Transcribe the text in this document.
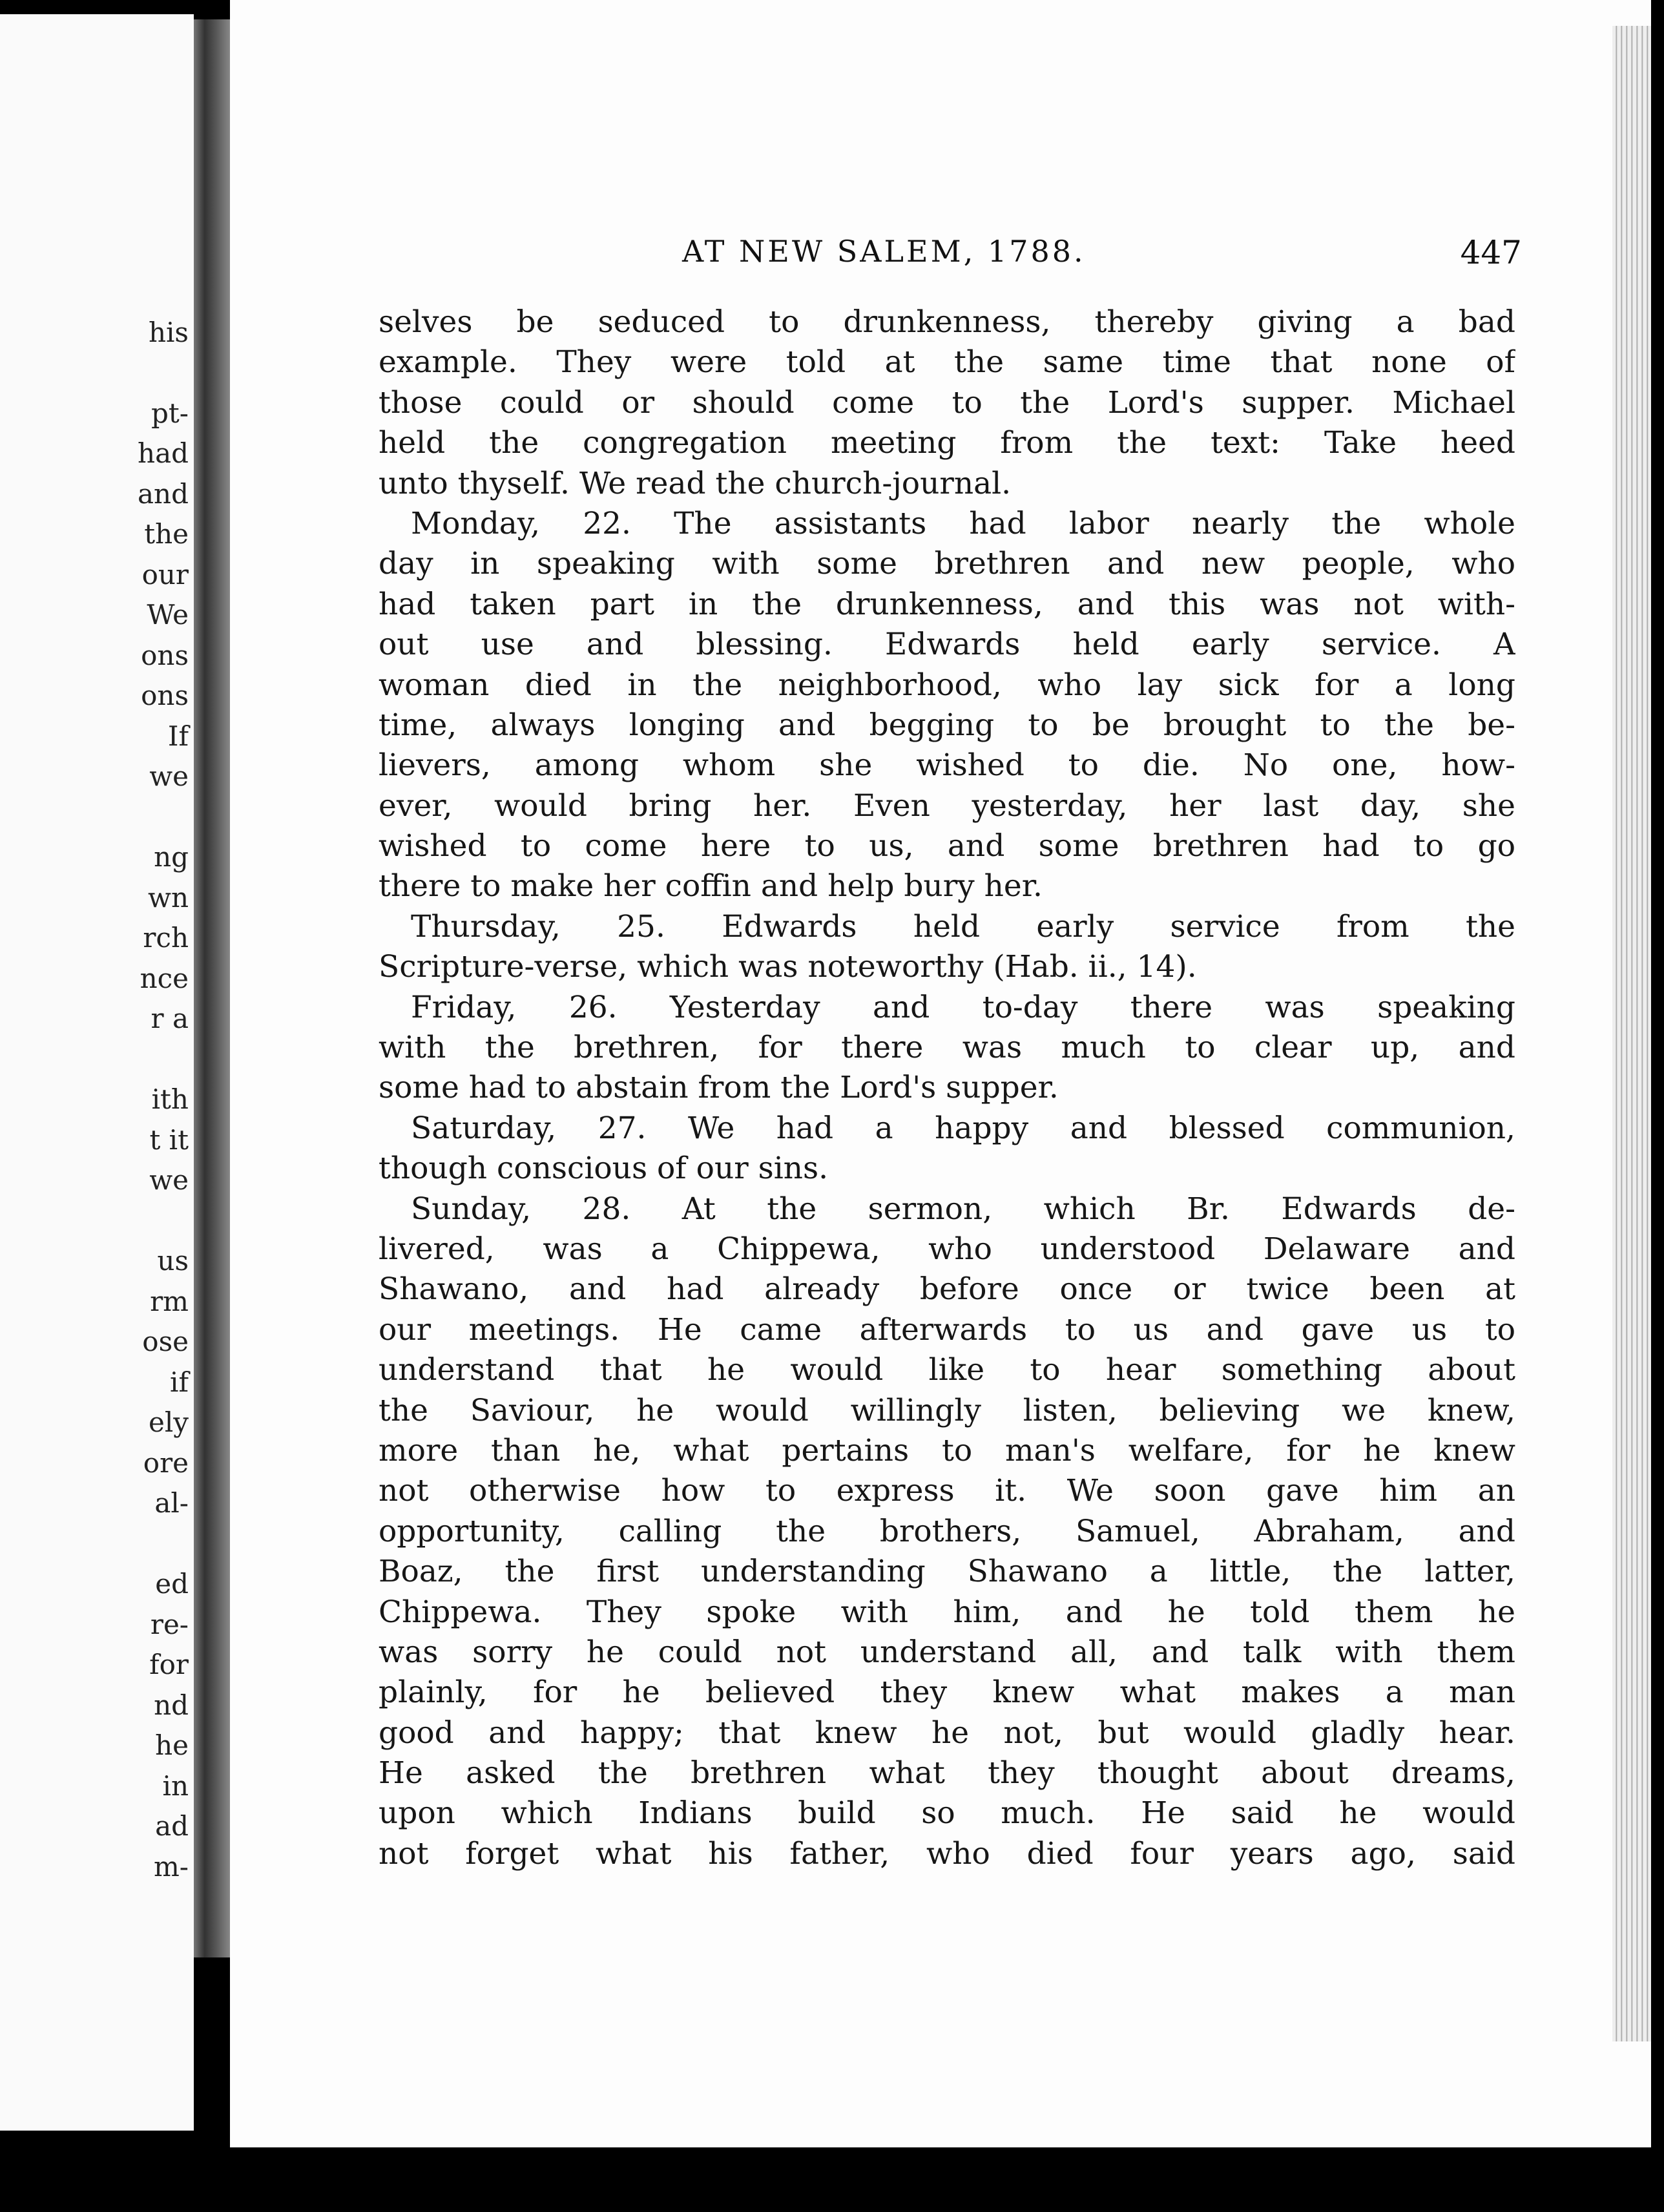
his
pt-
had
and
the
our
We
ons
ons
If
we
ng
wn
rch
nce
r a
ith
t it
we
us
rm
ose
if
ely
ore
al-
ed
re-
for
nd
he
in
ad
m-
AT NEW SALEM, 1788.	447
selves be seduced to drunkenness, thereby giving a bad
example. They were told at the same time that none of
those could or should come to the Lord's supper. Michael
held the congregation meeting from the text: Take heed
unto thyself. We read the church-journal.
Monday, 22. The assistants had labor nearly the whole
day in speaking with some brethren and new people, who
had taken part in the drunkenness, and this was not with-
out use and blessing. Edwards held early service. A
woman died in the neighborhood, who lay sick for a long
time, always longing and begging to be brought to the be-
lievers, among whom she wished to die. No one, how-
ever, would bring her. Even yesterday, her last day, she
wished to come here to us, and some brethren had to go
there to make her coffin and help bury her.
Thursday, 25. Edwards held early service from the
Scripture-verse, which was noteworthy (Hab. ii., 14).
Friday, 26. Yesterday and to-day there was speaking
with the brethren, for there was much to clear up, and
some had to abstain from the Lord's supper.
Saturday, 27. We had a happy and blessed communion,
though conscious of our sins.
Sunday, 28. At the sermon, which Br. Edwards de-
livered, was a Chippewa, who understood Delaware and
Shawano, and had already before once or twice been at
our meetings. He came afterwards to us and gave us to
understand that he would like to hear something about
the Saviour, he would willingly listen, believing we knew,
more than he, what pertains to man's welfare, for he knew
not otherwise how to express it. We soon gave him an
opportunity, calling the brothers, Samuel, Abraham, and
Boaz, the first understanding Shawano a little, the latter,
Chippewa. They spoke with him, and he told them he
was sorry he could not understand all, and talk with them
plainly, for he believed they knew what makes a man
good and happy; that knew he not, but would gladly hear.
He asked the brethren what they thought about dreams,
upon which Indians build so much. He said he would
not forget what his father, who died four years ago, said
